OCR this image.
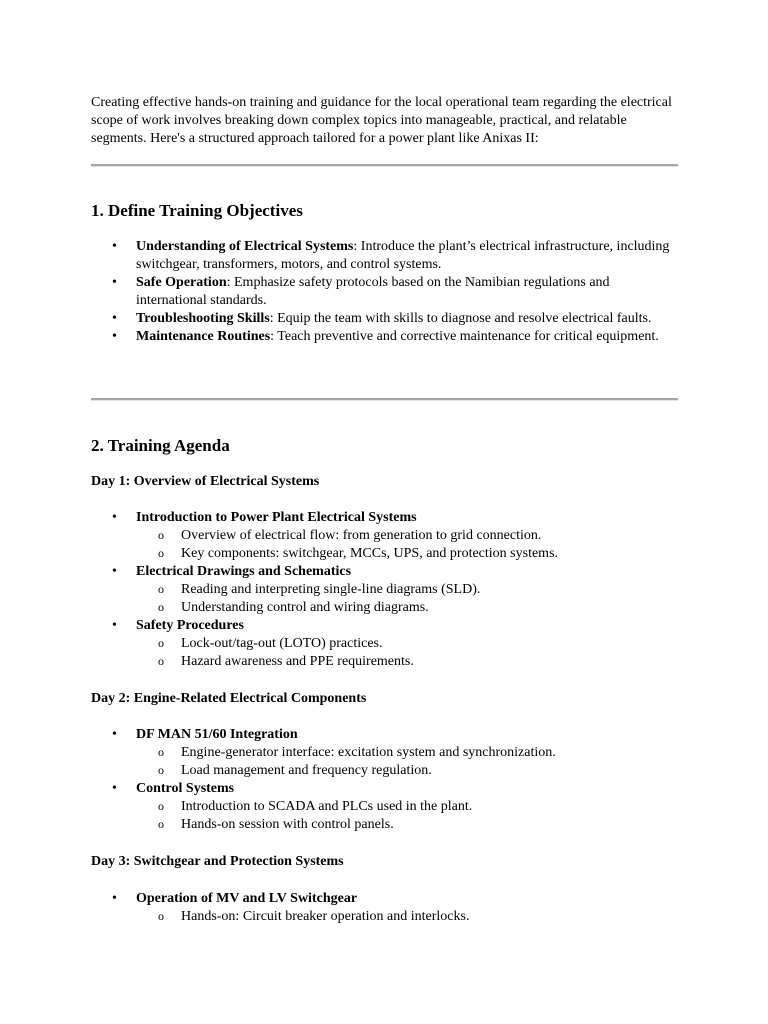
Creating effective hands-on training and guidance for the local operational team regarding the electrical scope of work involves breaking down complex topics into manageable, practical, and relatable segments. Here's a structured approach tailored for a power plant like Anixas II:

1. Define Training Objectives
• Understanding of Electrical Systems: Introduce the plant’s electrical infrastructure, including switchgear, transformers, motors, and control systems.
• Safe Operation: Emphasize safety protocols based on the Namibian regulations and international standards.
• Troubleshooting Skills: Equip the team with skills to diagnose and resolve electrical faults.
• Maintenance Routines: Teach preventive and corrective maintenance for critical equipment.
2. Training Agenda

Day 1: Overview of Electrical Systems

• Introduction to Power Plant Electrical Systems
o Overview of electrical flow: from generation to grid connection.
o Key components: switchgear, MCCs, UPS, and protection systems.
• Electrical Drawings and Schematics
o Reading and interpreting single-line diagrams (SLD).
o Understanding control and wiring diagrams.
• Safety Procedures
o Lock-out/tag-out (LOTO) practices.
o Hazard awareness and PPE requirements.

Day 2: Engine-Related Electrical Components

• DF MAN 51/60 Integration
o Engine-generator interface: excitation system and synchronization.
o Load management and frequency regulation.
• Control Systems
o Introduction to SCADA and PLCs used in the plant.
o Hands-on session with control panels.

Day 3: Switchgear and Protection Systems

• Operation of MV and LV Switchgear
o Hands-on: Circuit breaker operation and interlocks.
